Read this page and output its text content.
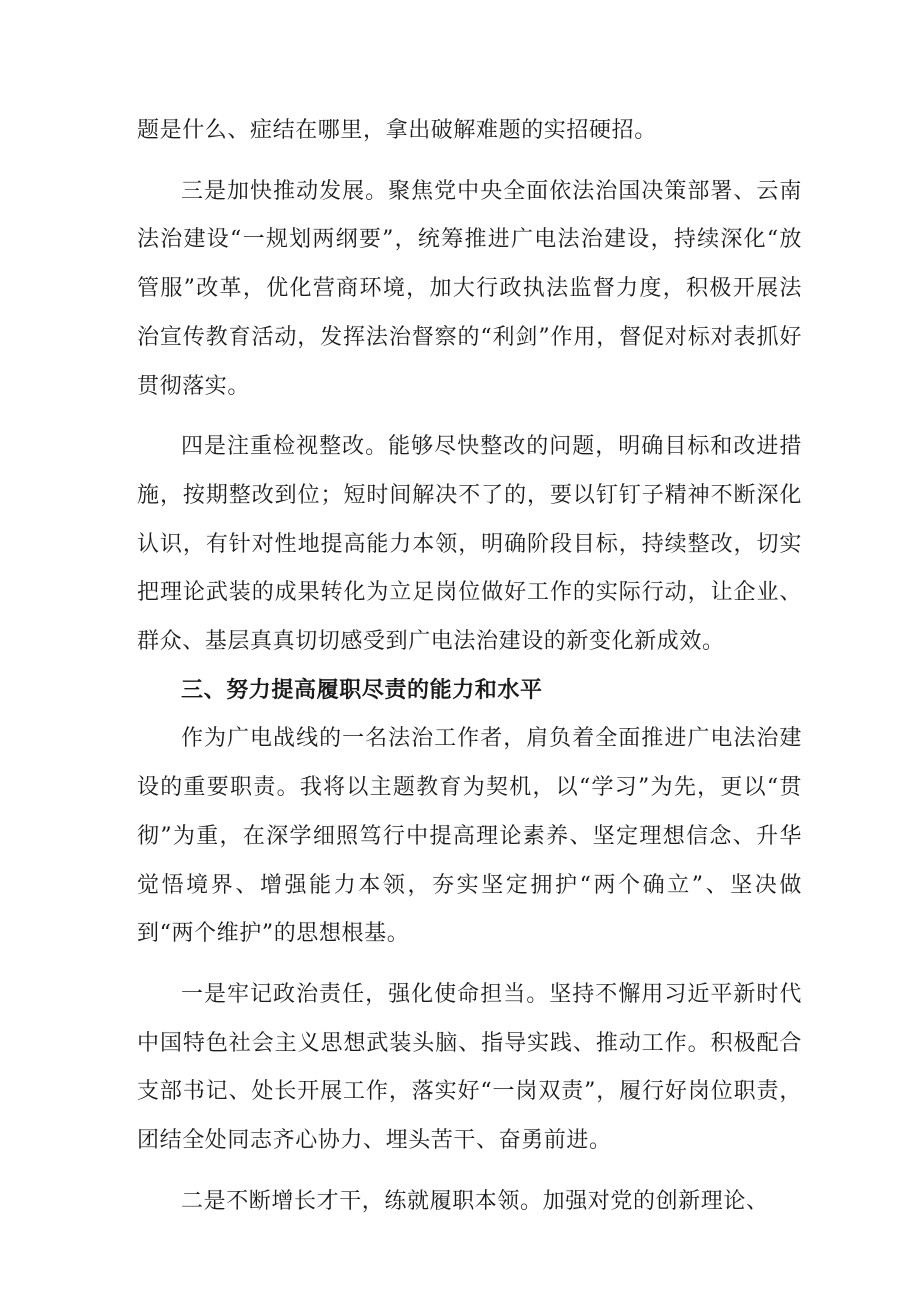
题是什么、症结在哪里，拿出破解难题的实招硬招。

三是加快推动发展。聚焦党中央全面依法治国决策部署、云南法治建设“一规划两纲要”，统筹推进广电法治建设，持续深化“放管服”改革，优化营商环境，加大行政执法监督力度，积极开展法治宣传教育活动，发挥法治督察的“利剑”作用，督促对标对表抓好贯彻落实。

四是注重检视整改。能够尽快整改的问题，明确目标和改进措施，按期整改到位；短时间解决不了的，要以钉钉子精神不断深化认识，有针对性地提高能力本领，明确阶段目标，持续整改，切实把理论武装的成果转化为立足岗位做好工作的实际行动，让企业、群众、基层真真切切感受到广电法治建设的新变化新成效。

三、努力提高履职尽责的能力和水平

作为广电战线的一名法治工作者，肩负着全面推进广电法治建设的重要职责。我将以主题教育为契机，以“学习”为先，更以“贯彻”为重，在深学细照笃行中提高理论素养、坚定理想信念、升华觉悟境界、增强能力本领，夯实坚定拥护“两个确立”、坚决做到“两个维护”的思想根基。

一是牢记政治责任，强化使命担当。坚持不懈用习近平新时代中国特色社会主义思想武装头脑、指导实践、推动工作。积极配合支部书记、处长开展工作，落实好“一岗双责”，履行好岗位职责，团结全处同志齐心协力、埋头苦干、奋勇前进。

二是不断增长才干，练就履职本领。加强对党的创新理论、
